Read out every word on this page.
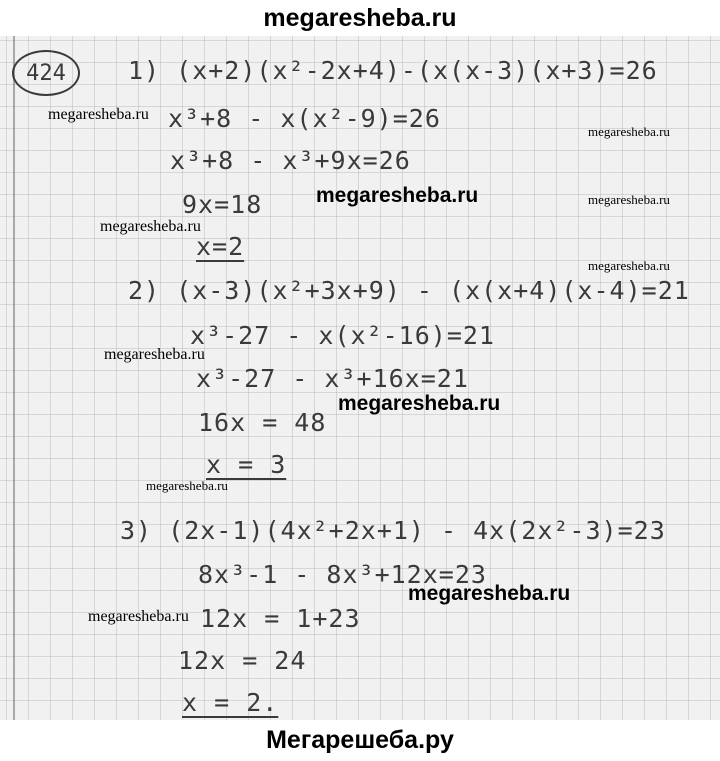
megaresheba.ru
424	1) (x+2)(x²-2x+4)-(x(x-3)(x+3)=26
x³+8 - x(x²-9)=26
x³+8 - x³+9x=26
9x=18
x=2
2) (x-3)(x²+3x+9) - (x(x+4)(x-4)=21
x³-27 - x(x²-16)=21
x³-27 - x³+16x=21
16x = 48
x = 3
3) (2x-1)(4x²+2x+1) - 4x(2x²-3)=23
8x³-1 - 8x³+12x=23
12x = 1+23
12x = 24
x = 2.
megaresheba.ru
megaresheba.ru
megaresheba.ru	megaresheba.ru
megaresheba.ru
megaresheba.ru
megaresheba.ru
megaresheba.ru
megaresheba.ru
megaresheba.ru
megaresheba.ru
Мегарешеба.ру
